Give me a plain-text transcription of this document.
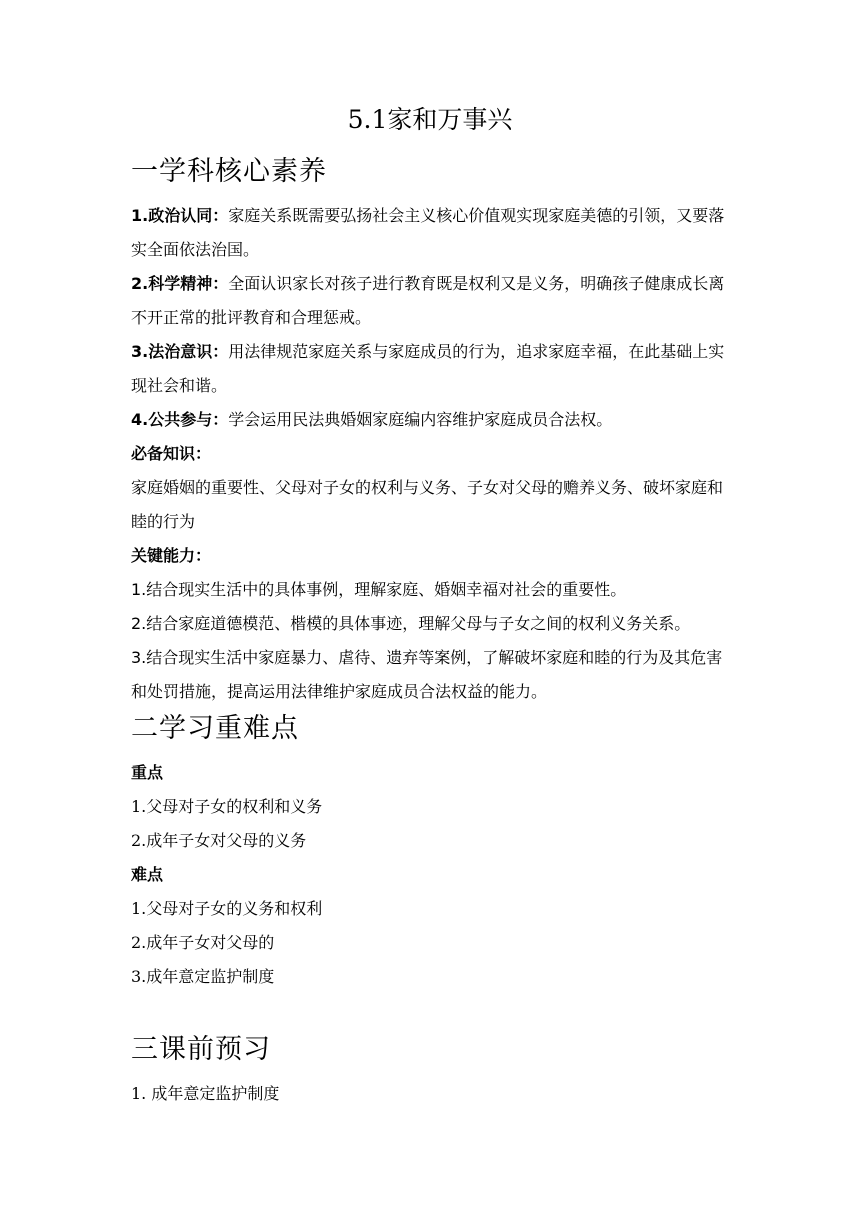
5.1家和万事兴
一学科核心素养
1.政治认同：家庭关系既需要弘扬社会主义核心价值观实现家庭美德的引领，又要落实全面依法治国。
2.科学精神：全面认识家长对孩子进行教育既是权利又是义务，明确孩子健康成长离不开正常的批评教育和合理惩戒。
3.法治意识：用法律规范家庭关系与家庭成员的行为，追求家庭幸福，在此基础上实现社会和谐。
4.公共参与：学会运用民法典婚姻家庭编内容维护家庭成员合法权。
必备知识：
家庭婚姻的重要性、父母对子女的权利与义务、子女对父母的赡养义务、破坏家庭和睦的行为
关键能力：
1.结合现实生活中的具体事例，理解家庭、婚姻幸福对社会的重要性。
2.结合家庭道德模范、楷模的具体事迹，理解父母与子女之间的权利义务关系。
3.结合现实生活中家庭暴力、虐待、遗弃等案例，了解破坏家庭和睦的行为及其危害和处罚措施，提高运用法律维护家庭成员合法权益的能力。
二学习重难点
重点
1.父母对子女的权利和义务
2.成年子女对父母的义务
难点
1.父母对子女的义务和权利
2.成年子女对父母的
3.成年意定监护制度
三课前预习
1. 成年意定监护制度
